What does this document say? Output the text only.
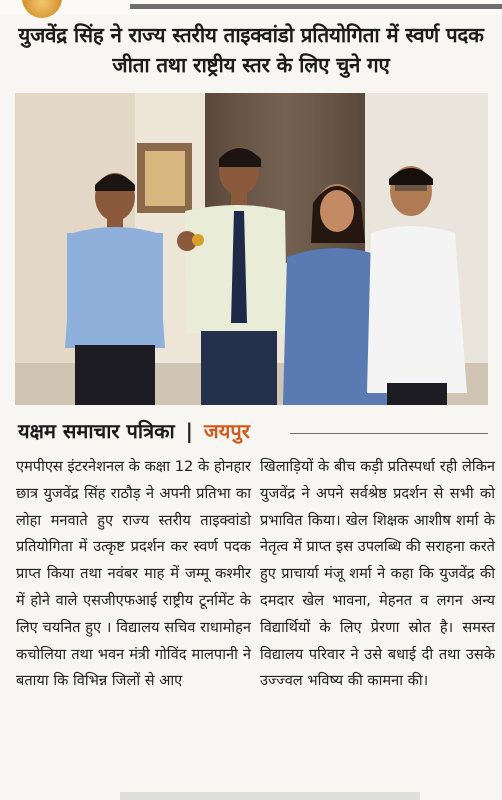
युजवेंद्र सिंह ने राज्य स्तरीय ताइक्वांडो प्रतियोगिता में स्वर्ण पदक जीता तथा राष्ट्रीय स्तर के लिए चुने गए
यक्षम समाचार पत्रिका | जयपुर
एमपीएस इंटरनेशनल के कक्षा 12 के होनहार छात्र युजवेंद्र सिंह राठौड़ ने अपनी प्रतिभा का लोहा मनवाते हुए राज्य स्तरीय ताइक्वांडो प्रतियोगिता में उत्कृष्ट प्रदर्शन कर स्वर्ण पदक प्राप्त किया तथा नवंबर माह में जम्मू कश्मीर में होने वाले एसजीएफआई राष्ट्रीय टूर्नामेंट के लिए चयनित हुए । विद्यालय सचिव राधामोहन कचोलिया तथा भवन मंत्री गोविंद मालपानी ने बताया कि विभिन्न जिलों से आए
खिलाड़ियों के बीच कड़ी प्रतिस्पर्धा रही लेकिन युजवेंद्र ने अपने सर्वश्रेष्ठ प्रदर्शन से सभी को प्रभावित किया। खेल शिक्षक आशीष शर्मा के नेतृत्व में प्राप्त इस उपलब्धि की सराहना करते हुए प्राचार्या मंजू शर्मा ने कहा कि युजवेंद्र की दमदार खेल भावना, मेहनत व लगन अन्य विद्यार्थियों के लिए प्रेरणा स्रोत है। समस्त विद्यालय परिवार ने उसे बधाई दी तथा उसके उज्ज्वल भविष्य की कामना की।
